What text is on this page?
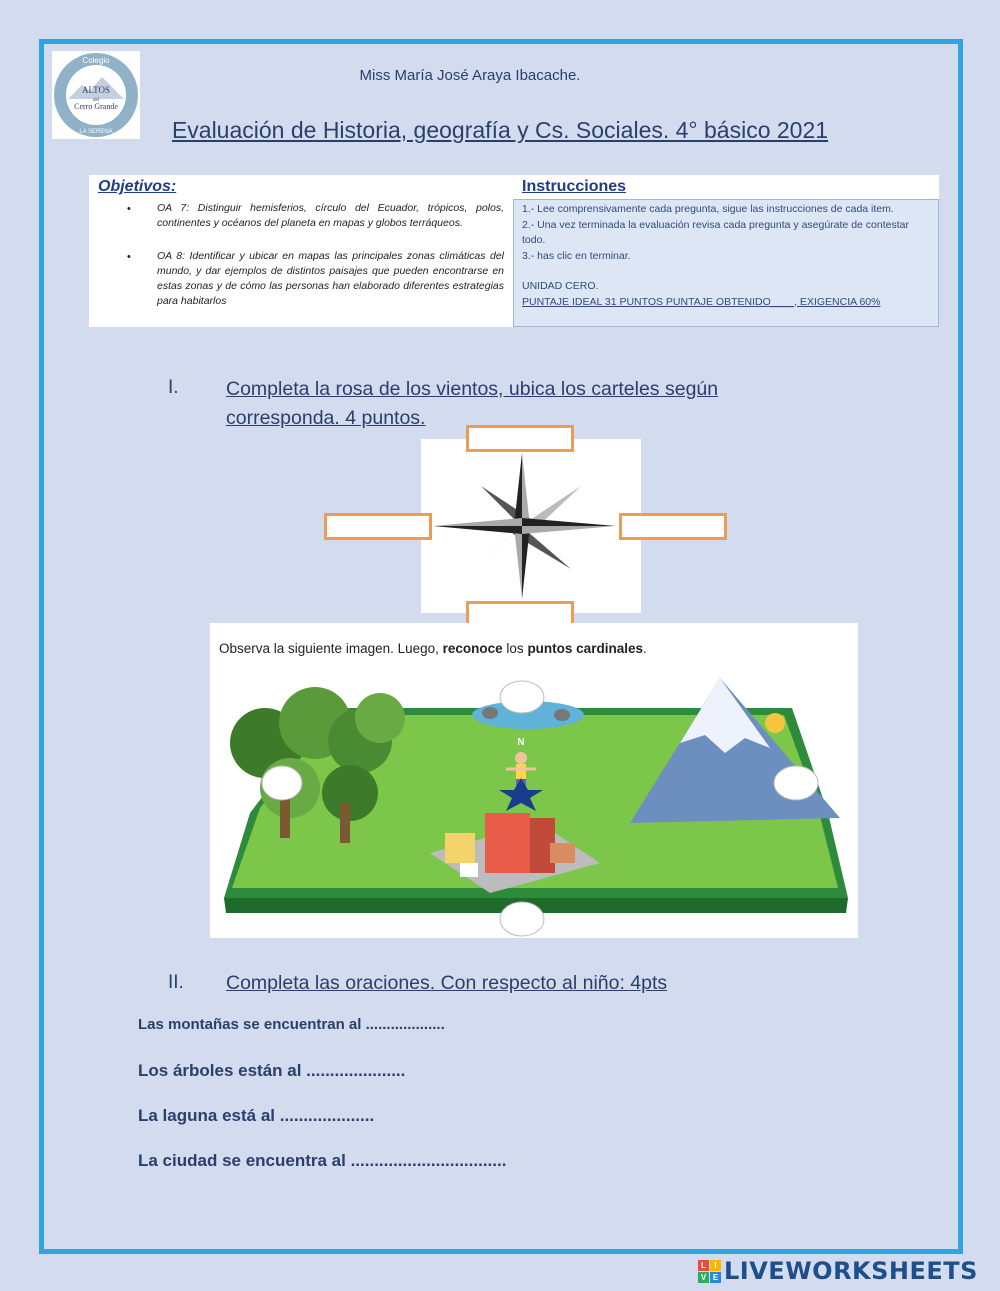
Colegio
ALTOS
del
Cerro Grande
LA SERENA
Miss María José Araya Ibacache.
Evaluación de Historia, geografía y Cs. Sociales. 4° básico 2021
Objetivos:	Instrucciones
• OA 7: Distinguir hemisferios, círculo del Ecuador, trópicos, polos, continentes y océanos del planeta en mapas y globos terráqueos.
• OA 8: Identificar y ubicar en mapas las principales zonas climáticas del mundo, y dar ejemplos de distintos paisajes que pueden encontrarse en estas zonas y de cómo las personas han elaborado diferentes estrategias para habitarlos
1.- Lee comprensivamente cada pregunta, sigue las instrucciones de cada item.
2.- Una vez terminada la evaluación revisa cada pregunta y asegúrate de contestar todo.
3.- has clic en terminar.
UNIDAD CERO.
PUNTAJE IDEAL 31 PUNTOS PUNTAJE OBTENIDO____, EXIGENCIA 60%
I. Completa la rosa de los vientos, ubica los carteles según
corresponda. 4 puntos.
Observa la siguiente imagen. Luego, reconoce los puntos cardinales.
N
II. Completa las oraciones. Con respecto al niño: 4pts
Las montañas se encuentran al ...................
Los árboles están al .....................
La laguna está al ....................
La ciudad se encuentra al .................................
L	I
V E LIVEWORKSHEETS
